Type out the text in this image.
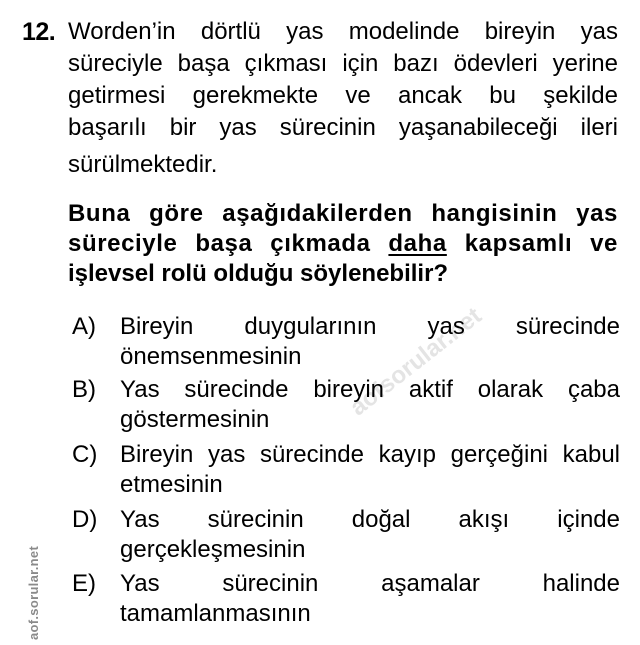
aofsorular.net
aof.sorular.net
12. Worden’in dörtlü yas modelinde bireyin yas
süreciyle başa çıkması için bazı ödevleri yerine
getirmesi gerekmekte ve ancak bu şekilde
başarılı bir yas sürecinin yaşanabileceği ileri
sürülmektedir.
Buna göre aşağıdakilerden hangisinin yas
süreciyle başa çıkmada daha kapsamlı ve
işlevsel rolü olduğu söylenebilir?
A) Bireyin duygularının yas sürecinde
önemsenmesinin
B) Yas sürecinde bireyin aktif olarak çaba
göstermesinin
C) Bireyin yas sürecinde kayıp gerçeğini kabul
etmesinin
D) Yas sürecinin doğal akışı içinde
gerçekleşmesinin
E) Yas sürecinin aşamalar halinde
tamamlanmasının
